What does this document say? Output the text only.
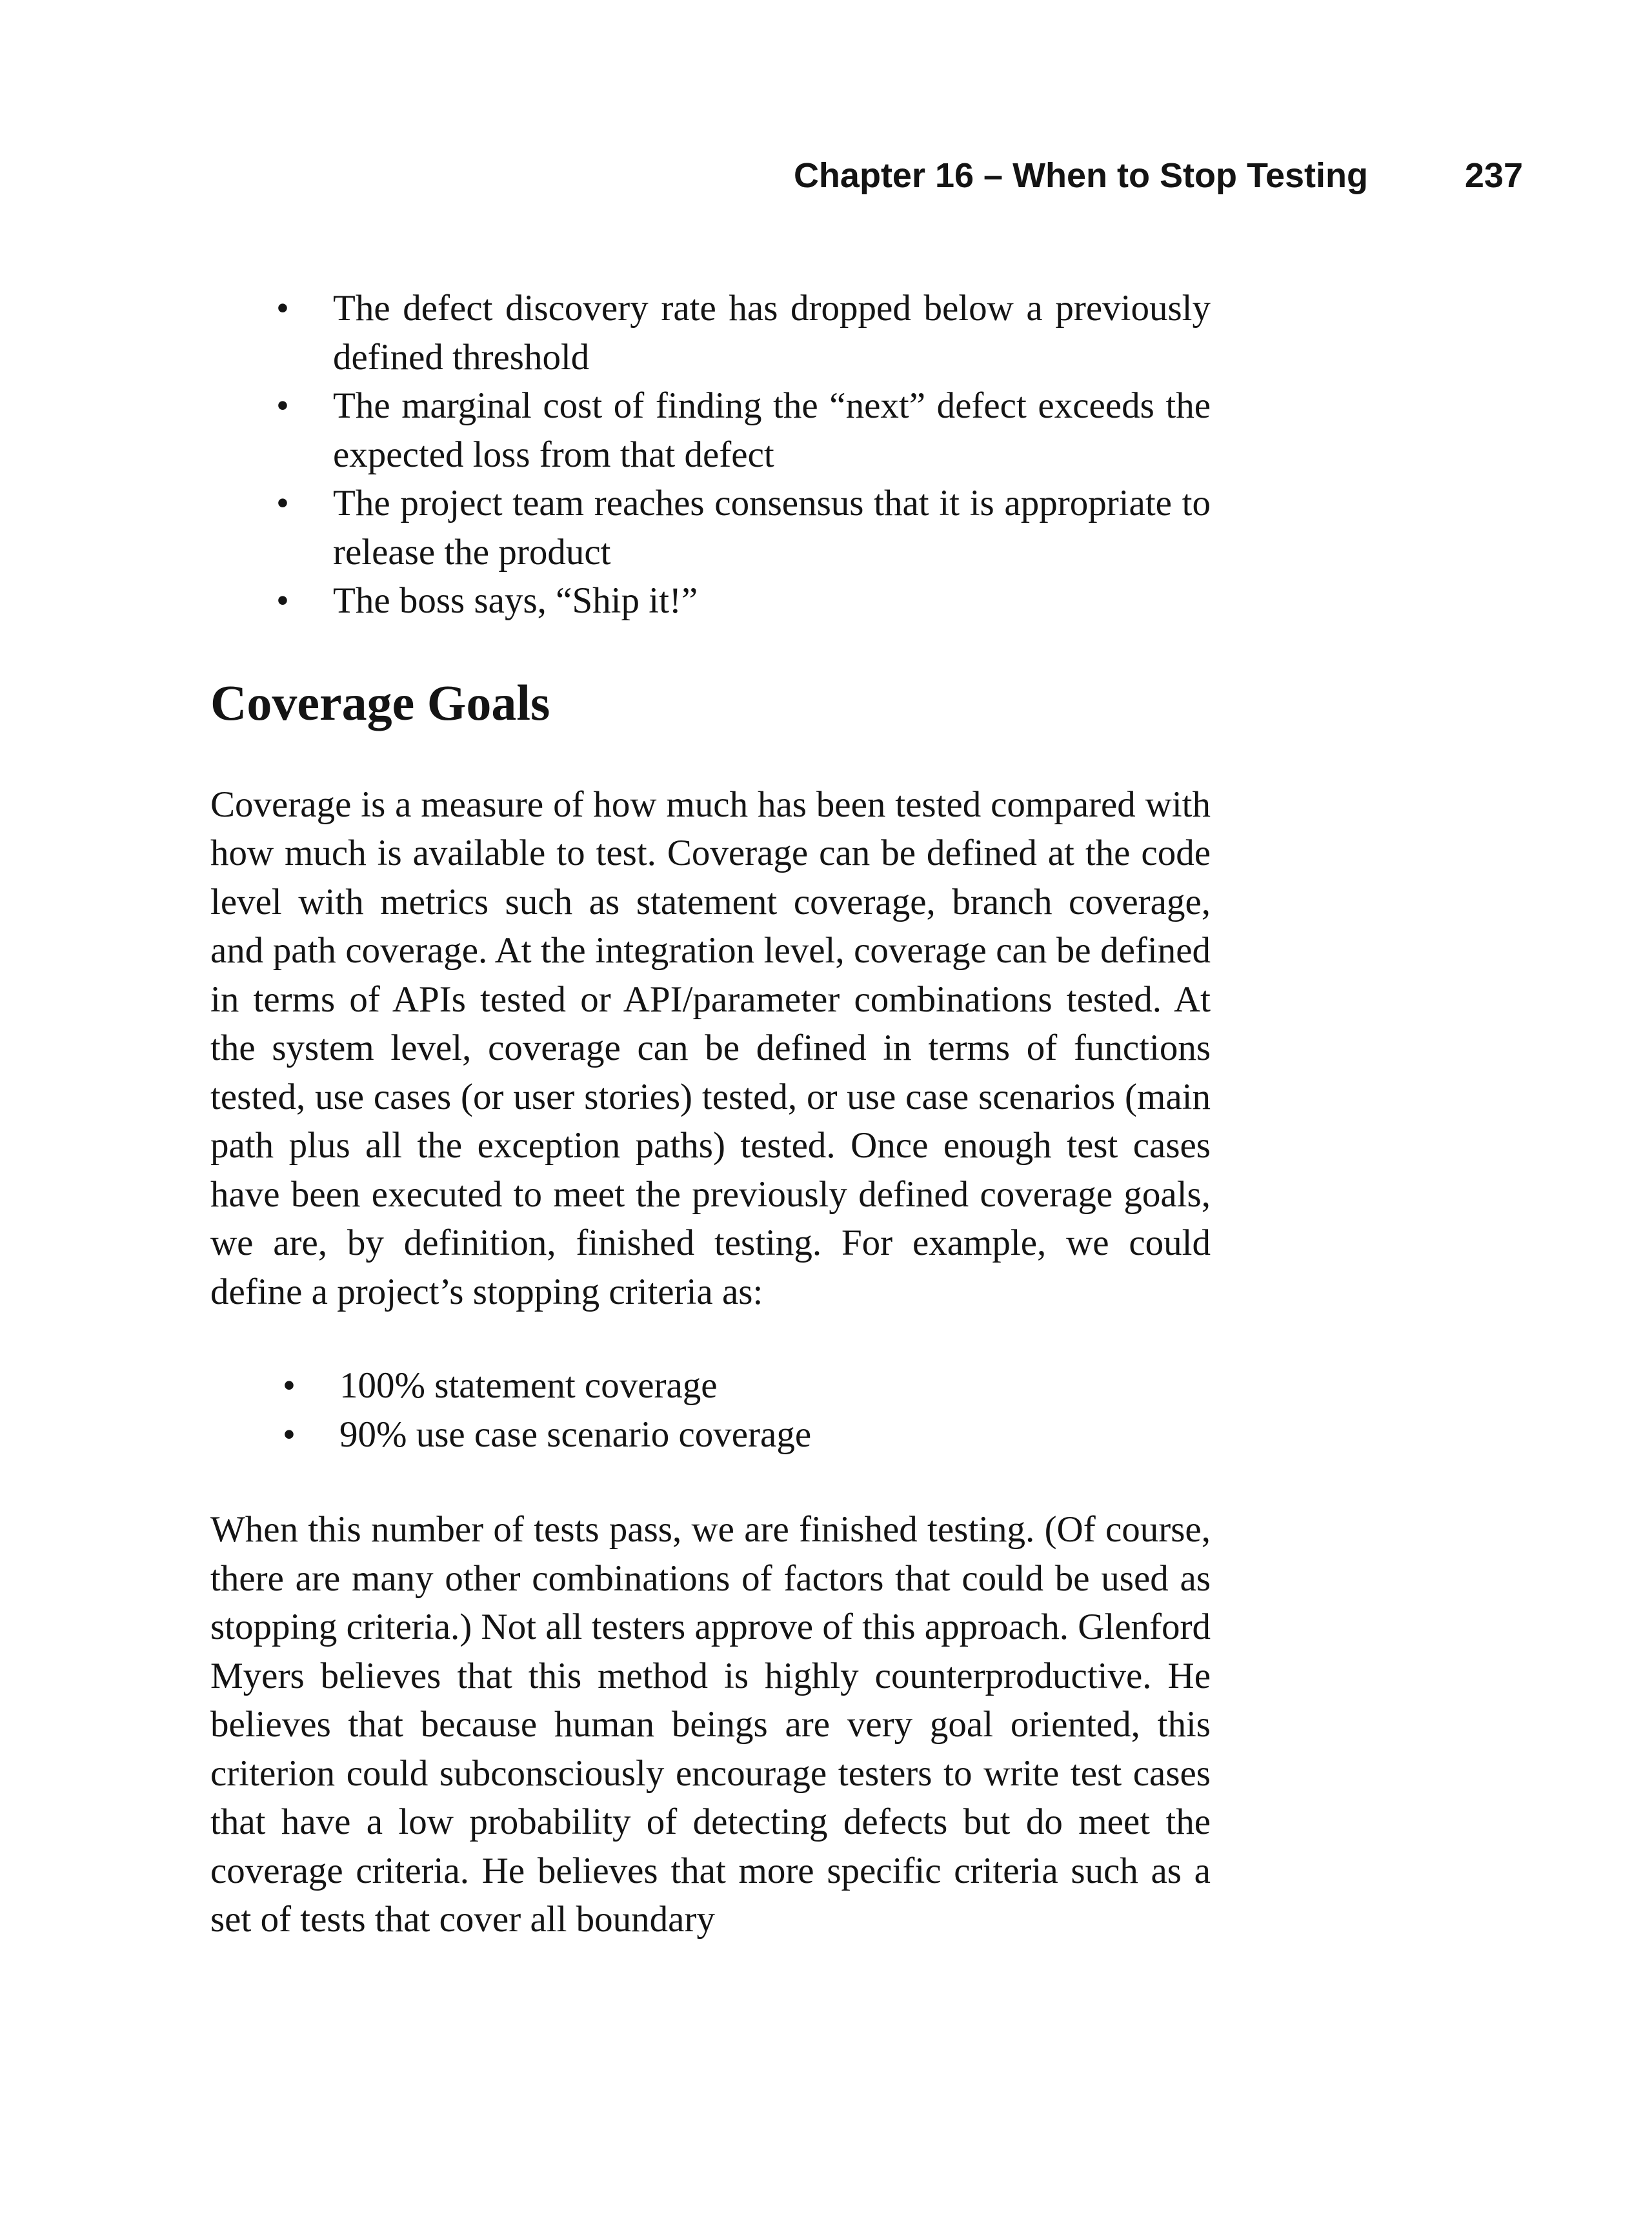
Chapter 16 – When to Stop Testing	237
• The defect discovery rate has dropped below a previously defined threshold
• The marginal cost of finding the “next” defect exceeds the expected loss from that defect
• The project team reaches consensus that it is appropriate to release the product
• The boss says, “Ship it!”
Coverage Goals

Coverage is a measure of how much has been tested compared with how much is available to test. Coverage can be defined at the code level with metrics such as statement coverage, branch coverage, and path coverage. At the integration level, coverage can be defined in terms of APIs tested or API/parameter combinations tested. At the system level, coverage can be defined in terms of functions tested, use cases (or user stories) tested, or use case scenarios (main path plus all the exception paths) tested. Once enough test cases have been executed to meet the previously defined coverage goals, we are, by definition, finished testing. For example, we could define a project’s stopping criteria as:

• 100% statement coverage
• 90% use case scenario coverage

When this number of tests pass, we are finished testing. (Of course, there are many other combinations of factors that could be used as stopping criteria.) Not all testers approve of this approach. Glenford Myers believes that this method is highly counterproductive. He believes that because human beings are very goal oriented, this criterion could subconsciously encourage testers to write test cases that have a low probability of detecting defects but do meet the coverage criteria. He believes that more specific criteria such as a set of tests that cover all boundary
